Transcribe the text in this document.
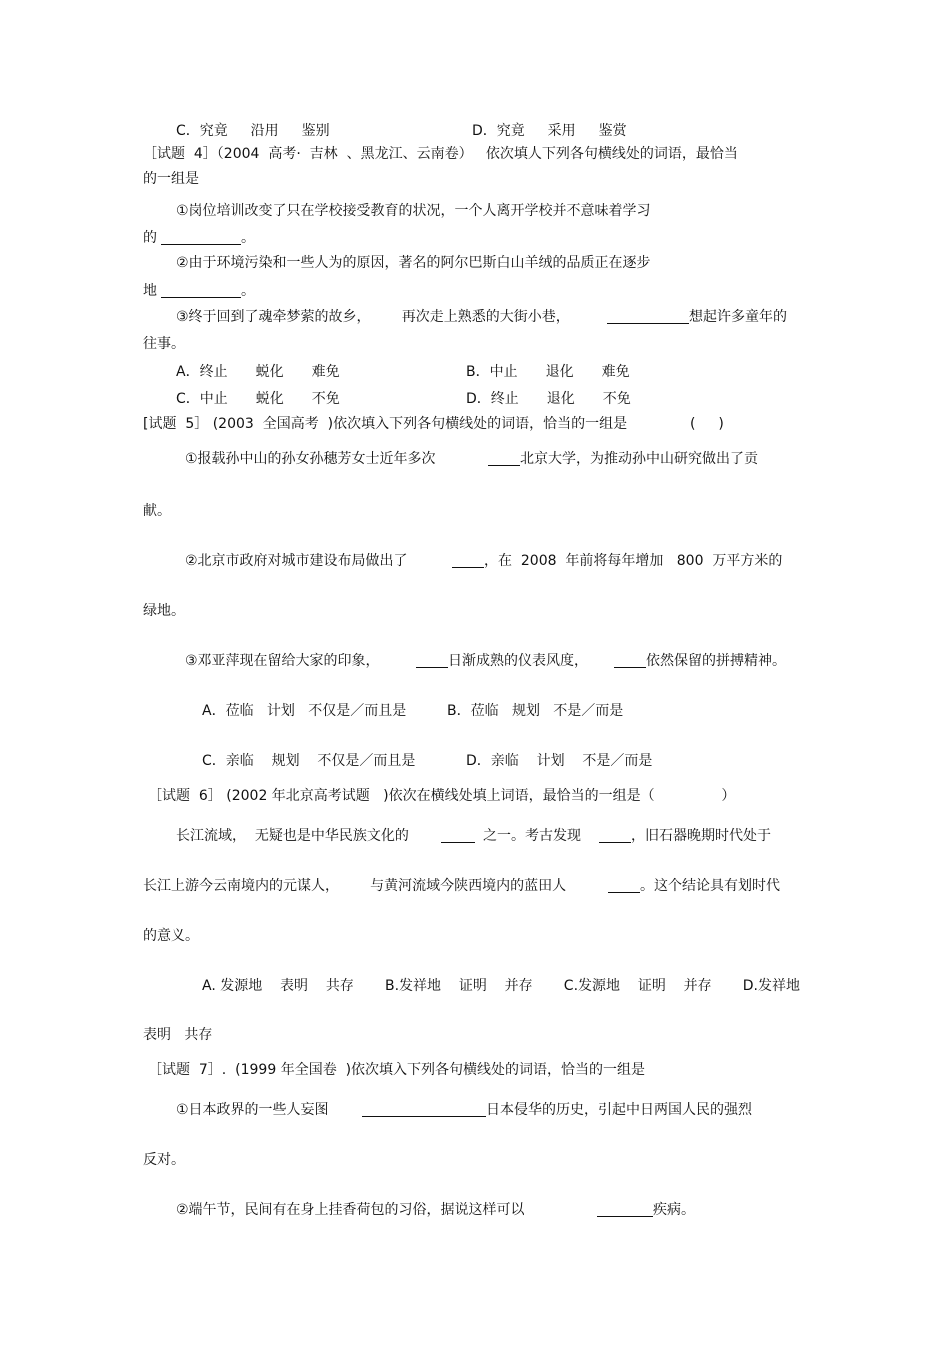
C．究竟　  沿用　  鉴别	D．究竟　  采用　  鉴赏
［试题  4］（2004  高考·  吉林  、黑龙江、云南卷）   依次填人下列各句横线处的词语，最恰当
的一组是
①岗位培训改变了只在学校接受教育的状况，一个人离开学校并不意味着学习
的	。
②由于环境污染和一些人为的原因，著名的阿尔巴斯白山羊绒的品质正在逐步
地	。
③终于回到了魂牵梦萦的故乡，       再次走上熟悉的大街小巷，	想起许多童年的
往事。
A．终止　　蜕化　　难免	B．中止　　退化　　难免
C．中止　　蜕化　　不免	D．终止　　退化　　不免
[试题  5］ (2003  全国高考  )依次填入下列各句横线处的词语，恰当的一组是	(　  )
①报载孙中山的孙女孙穗芳女士近年多次	北京大学，为推动孙中山研究做出了贡
献。
②北京市政府对城市建设布局做出了	，在  2008  年前将每年增加   800  万平方米的
绿地。
③邓亚萍现在留给大家的印象，	日渐成熟的仪表风度，	依然保留的拼搏精神。
A．莅临   计划   不仅是／而且是	B．莅临   规划   不是／而是
C．亲临    规划    不仅是／而且是	D．亲临    计划    不是／而是
［试题  6］ (2002 年北京高考试题   )依次在横线处填上词语，最恰当的一组是（               ）
长江流域，  无疑也是中华民族文化的	之一。考古发现	，旧石器晚期时代处于
长江上游今云南境内的元谋人，       与黄河流域今陕西境内的蓝田人	。这个结论具有划时代
的意义。
A. 发源地    表明    共存       B.发祥地    证明    并存       C.发源地    证明    并存       D.发祥地
表明   共存
［试题  7］.  (1999 年全国卷  )依次填入下列各句横线处的词语，恰当的一组是
①日本政界的一些人妄图	日本侵华的历史，引起中日两国人民的强烈
反对。
②端午节，民间有在身上挂香荷包的习俗，据说这样可以	疾病。
